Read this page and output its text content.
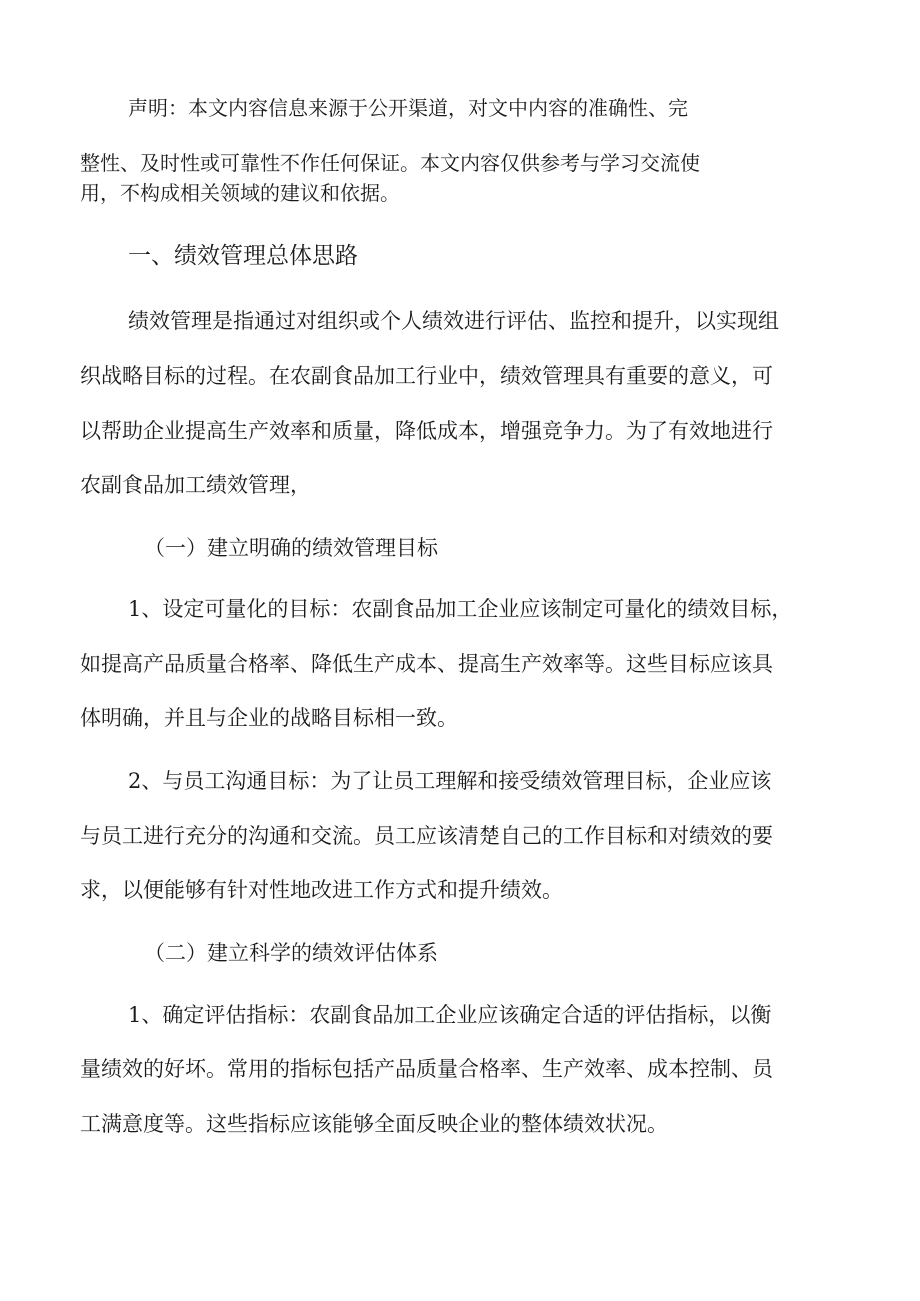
声明：本文内容信息来源于公开渠道，对文中内容的准确性、完

整性、及时性或可靠性不作任何保证。本文内容仅供参考与学习交流使

用，不构成相关领域的建议和依据。

一、绩效管理总体思路

绩效管理是指通过对组织或个人绩效进行评估、监控和提升，以实现组

织战略目标的过程。在农副食品加工行业中，绩效管理具有重要的意义，可

以帮助企业提高生产效率和质量，降低成本，增强竞争力。为了有效地进行

农副食品加工绩效管理，

（一）建立明确的绩效管理目标

1、设定可量化的目标：农副食品加工企业应该制定可量化的绩效目标，

如提高产品质量合格率、降低生产成本、提高生产效率等。这些目标应该具

体明确，并且与企业的战略目标相一致。

2、与员工沟通目标：为了让员工理解和接受绩效管理目标，企业应该

与员工进行充分的沟通和交流。员工应该清楚自己的工作目标和对绩效的要

求，以便能够有针对性地改进工作方式和提升绩效。

（二）建立科学的绩效评估体系

1、确定评估指标：农副食品加工企业应该确定合适的评估指标，以衡

量绩效的好坏。常用的指标包括产品质量合格率、生产效率、成本控制、员

工满意度等。这些指标应该能够全面反映企业的整体绩效状况。
